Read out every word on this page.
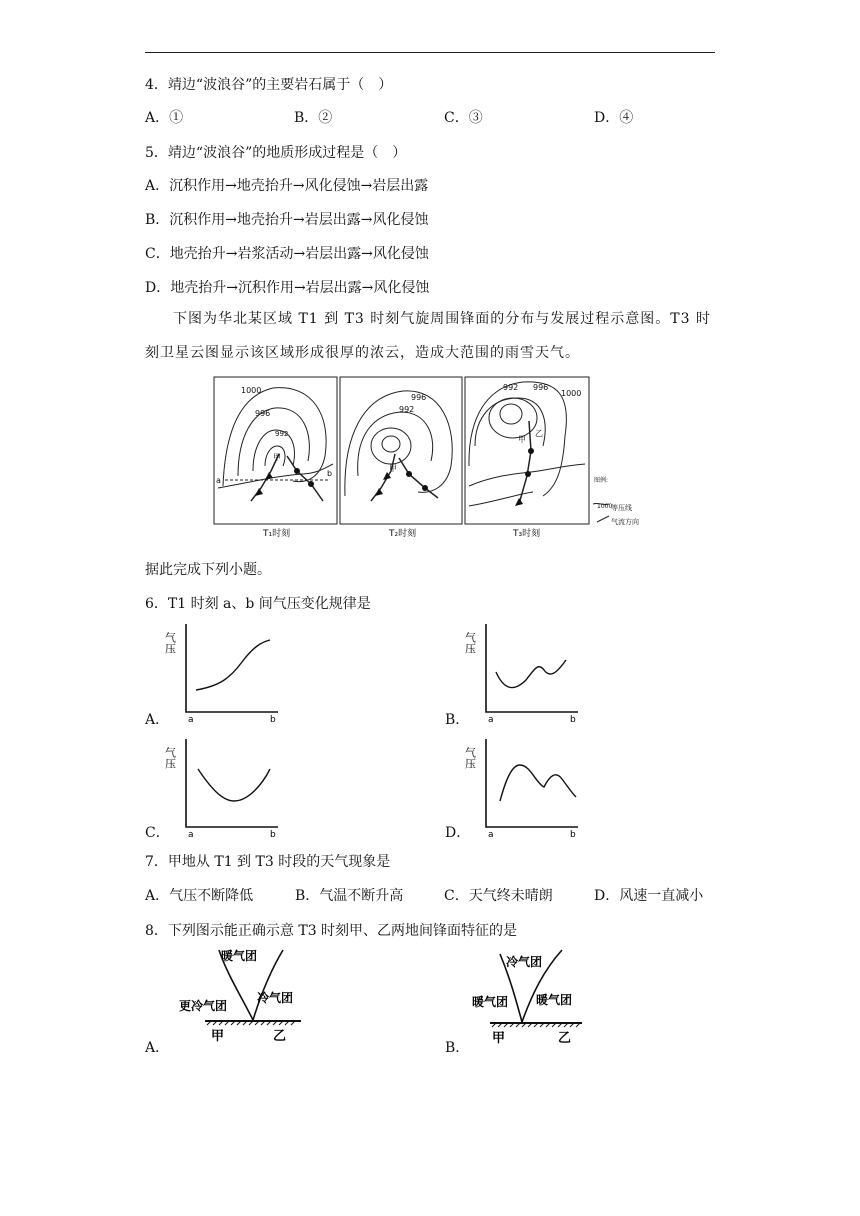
4．靖边“波浪谷”的主要岩石属于（　）
A．①	B．②	C．③	D．④
5．靖边“波浪谷”的地质形成过程是（　）
A．沉积作用→地壳抬升→风化侵蚀→岩层出露
B．沉积作用→地壳抬升→岩层出露→风化侵蚀
C．地壳抬升→岩浆活动→岩层出露→风化侵蚀
D．地壳抬升→沉积作用→岩层出露→风化侵蚀
下图为华北某区域 T1 到 T3 时刻气旋周围锋面的分布与发展过程示意图。T3 时刻卫星云图显示该区域形成很厚的浓云，造成大范围的雨雪天气。
1000
996
992
甲
a
b
996
992
甲
992 996
1000
甲
乙
图例:
1000
等压线
气流方向
T₁时刻	T₂时刻	T₃时刻
据此完成下列小题。
6．T1 时刻 a、b 间气压变化规律是
气压
a	b
A．
气压
a	b
B．
气压
a	b
C．
气压
a	b
D．
7．甲地从 T1 到 T3 时段的天气现象是
A．气压不断降低	B．气温不断升高	C．天气终未晴朗	D．风速一直减小
8．下列图示能正确示意 T3 时刻甲、乙两地间锋面特征的是
暖气团
更冷气团
冷气团
甲	乙
A．
冷气团
暖气团 暖气团
甲	乙
B．
